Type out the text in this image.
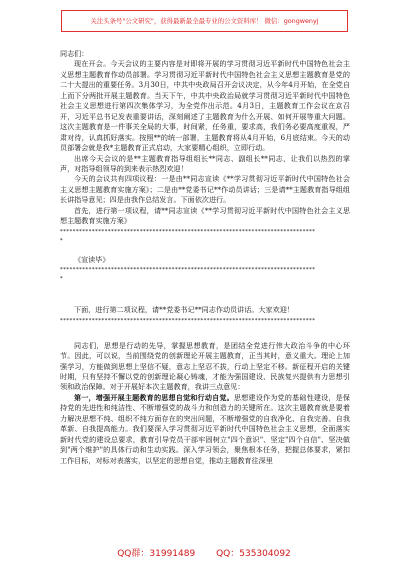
关注头条号"公文研究"，获得最新最全最专业的公文资料库！ 微信：gongwenyj

同志们：

现在开会。今天会议的主要内容是对即将开展的学习贯彻习近平新时代中国特色社会主义思想主题教育作动员部署。学习贯彻习近平新时代中国特色社会主义思想主题教育是党的二十大提出的重要任务。3月30日，中共中央政局召开会议决定，从今年4月开始，在全党自上而下分两批开展主题教育。当天下午，中共中央政治局就学习贯彻习近平新时代中国特色社会主义思想进行第四次集体学习，为全党作出示范。4月3日，主题教育工作会议在京召开，习近平总书记发表重要讲话，深刻阐述了主题教育为什么开展、如何开展等重大问题。这次主题教育是一件事关全局的大事，时间紧，任务重，要求高，我们务必要高度重视，严肃对待，认真抓好落实。按照**的统一部署，主题教育将从4月开始，6月底结束。今天的动员部署会就是我*主题教育正式启动，大家要精心组织，立即行动。

出席今天会议的是**主题教育指导组组长**同志、副组长**同志，让我们以热烈的掌声，对指导组领导的到来表示热烈欢迎！

今天的会议共有四项议程：一是由**同志宣读《**学习贯彻习近平新时代中国特色社会主义思想主题教育实施方案》；二是由**党委书记**作动员讲话；三是请**主题教育指导组组长讲指导意见；四是由我作总结发言。下面依次进行。

首先，进行第一项议程，请**同志宣读《**学习贯彻习近平新时代中国特色社会主义思想主题教育实施方案》

********************************************************************************
*

《宣读毕》

********************************************************************************
*

下面，进行第二项议程，请**党委书记**同志作动员讲话。大家欢迎！

********************************************************************************

同志们，思想是行动的先导，掌握思想教育，是团结全党进行伟大政治斗争的中心环节。因此，可以说，当前围绕党的创新理论开展主题教育，正当其时，意义重大。理论上加强学习，方能做到思想上坚信不疑，意志上坚忍不拔，行动上坚定不移。新征程开启的关键时期，只有坚持不懈以党的创新理论凝心铸魂，才能为强国建设、民族复兴提供有力思想引领和政治保障。对于开展好本次主题教育，我讲三点意见：

第一，增强开展主题教育的思想自觉和行动自觉。思想建设作为党的基础性建设，是保持党的先进性和纯洁性、不断增强党的战斗力和创造力的关键所在。这次主题教育就是要着力解决思想不纯、组织不纯方面存在的突出问题，不断增强党的自我净化、自我完善、自我革新、自我提高能力。我们要深入学习贯彻习近平新时代中国特色社会主义思想，全面落实新时代党的建设总要求，教育引导党员干部牢固树立"四个意识"、坚定"四个自信"、坚决做到"两个维护"的具体行动和生动实践。深入学习领会，聚焦根本任务，把握总体要求，紧扣工作目标，对标对表落实，以坚定的思想自觉，推动主题教育往深里

QQ群：31991489 QQ：535304092
